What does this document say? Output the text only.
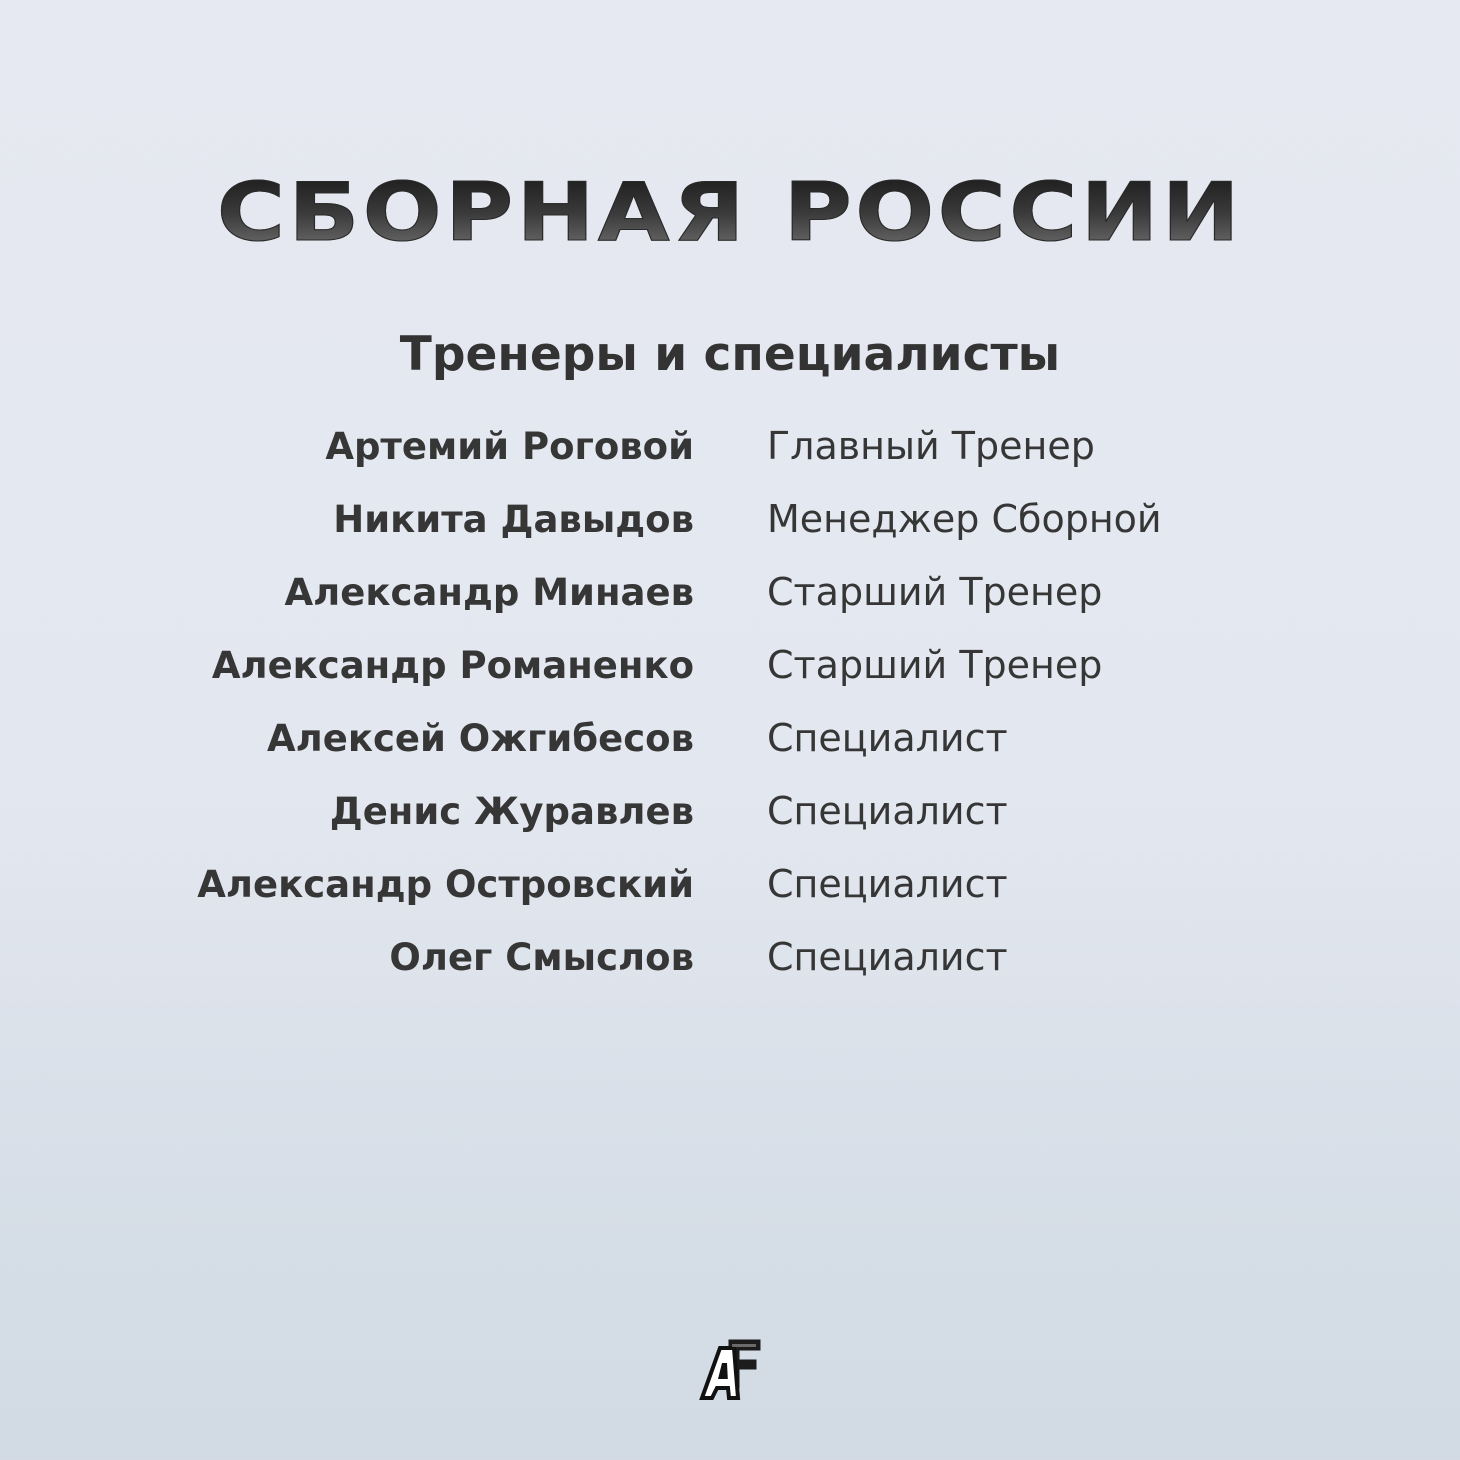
СБОРНАЯ РОССИИ
Тренеры и специалисты
Артемий Роговой Главный Тренер
Никита Давыдов Менеджер Сборной
Александр Минаев Старший Тренер
Александр Романенко Старший Тренер
Алексей Ожгибесов Специалист
Денис Журавлев Специалист
Александр Островский Специалист
Олег Смыслов Специалист
